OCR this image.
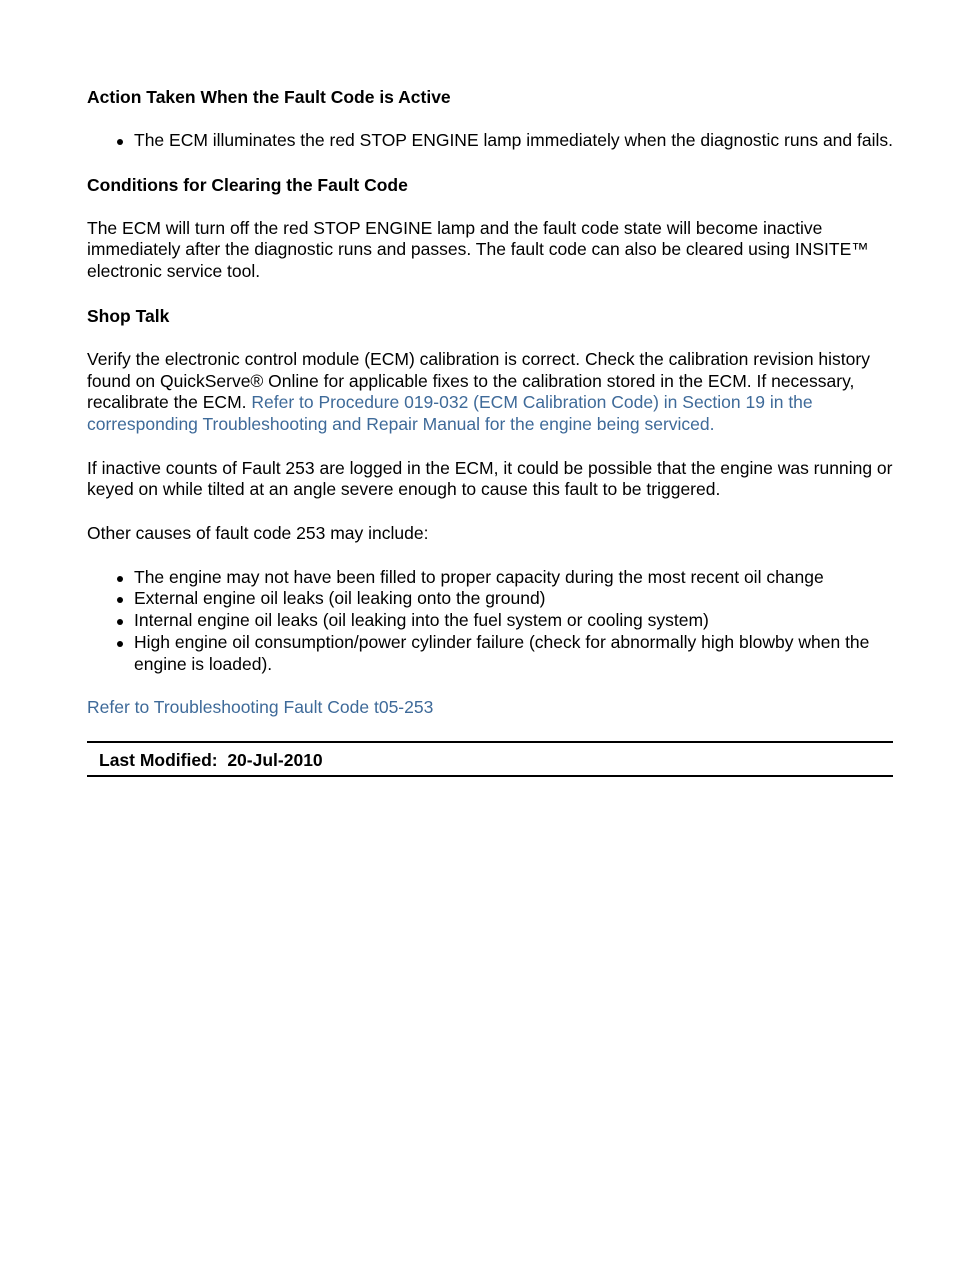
Action Taken When the Fault Code is Active
The ECM illuminates the red STOP ENGINE lamp immediately when the diagnostic runs and fails.
Conditions for Clearing the Fault Code
The ECM will turn off the red STOP ENGINE lamp and the fault code state will become inactive immediately after the diagnostic runs and passes. The fault code can also be cleared using INSITE™ electronic service tool.
Shop Talk
Verify the electronic control module (ECM) calibration is correct. Check the calibration revision history found on QuickServe® Online for applicable fixes to the calibration stored in the ECM. If necessary, recalibrate the ECM. Refer to Procedure 019-032 (ECM Calibration Code) in Section 19 in the corresponding Troubleshooting and Repair Manual for the engine being serviced.
If inactive counts of Fault 253 are logged in the ECM, it could be possible that the engine was running or keyed on while tilted at an angle severe enough to cause this fault to be triggered.
Other causes of fault code 253 may include:
The engine may not have been filled to proper capacity during the most recent oil change
External engine oil leaks (oil leaking onto the ground)
Internal engine oil leaks (oil leaking into the fuel system or cooling system)
High engine oil consumption/power cylinder failure (check for abnormally high blowby when the engine is loaded).
Refer to Troubleshooting Fault Code t05-253
Last Modified:  20-Jul-2010
